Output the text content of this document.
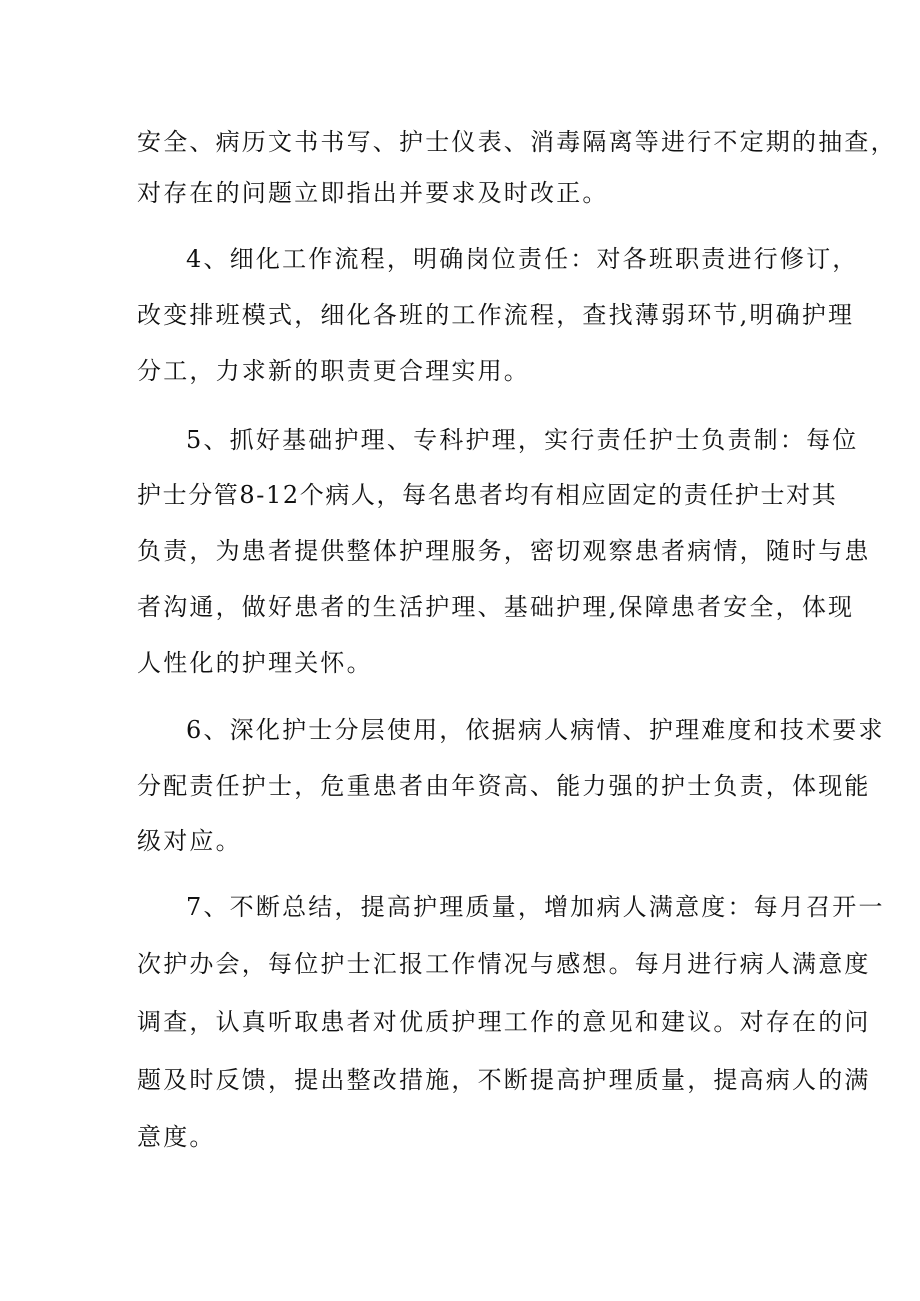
安全、病历文书书写、护士仪表、消毒隔离等进行不定期的抽查，
对存在的问题立即指出并要求及时改正。
4、细化工作流程，明确岗位责任：对各班职责进行修订，
改变排班模式，细化各班的工作流程，查找薄弱环节,明确护理
分工，力求新的职责更合理实用。
5、抓好基础护理、专科护理，实行责任护士负责制：每位
护士分管8-12个病人，每名患者均有相应固定的责任护士对其
负责，为患者提供整体护理服务，密切观察患者病情，随时与患
者沟通，做好患者的生活护理、基础护理,保障患者安全，体现
人性化的护理关怀。
6、深化护士分层使用，依据病人病情、护理难度和技术要求
分配责任护士，危重患者由年资高、能力强的护士负责，体现能
级对应。
7、不断总结，提高护理质量，增加病人满意度：每月召开一
次护办会，每位护士汇报工作情况与感想。每月进行病人满意度
调查，认真听取患者对优质护理工作的意见和建议。对存在的问
题及时反馈，提出整改措施，不断提高护理质量，提高病人的满
意度。
